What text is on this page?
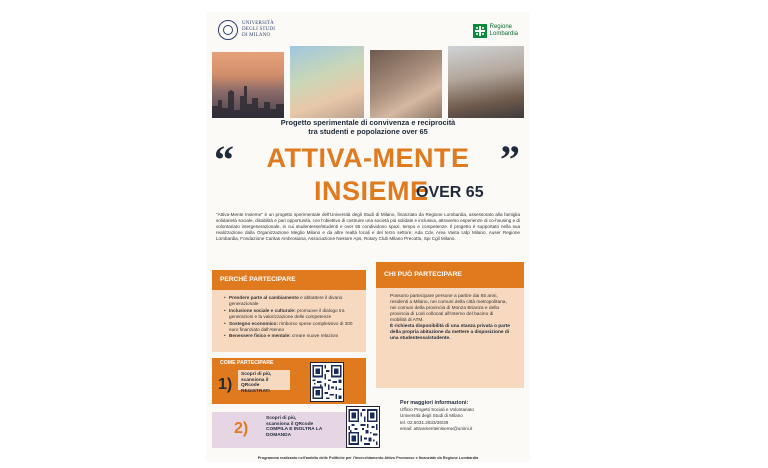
UNIVERSITÀ
DEGLI STUDI
DI MILANO
Regione
Lombardia
Progetto sperimentale di convivenza e reciprocità
tra studenti e popolazione over 65
“	”
ATTIVA-MENTE
INSIEME
OVER 65
"Attiva-Mente Insieme" è un progetto sperimentale dell'Università degli Studi di Milano, finanziato da Regione Lombardia, assessorato alla famiglia solidarietà sociale, disabilità e pari opportunità, con l'obiettivo di costruire una società più solidale e inclusiva, attraverso esperienze di co-housing e di volontariato intergenerazionale, in cui studentesse/studenti e over 65 condividono spazi, tempo e competenze. Il progetto è supportato nella sua realizzazione dalla Organizzazione Meglio Milano e da altre realtà locali e del terzo settore: Ada Cdv, Area Vasta Udp Milano, Auser Regione Lombardia, Fondazione Caritas Ambrosiana, Associazione Nestore Aps, Rotary Club Milano Precotto, Spi Cgil Milano.
PERCHÉ PARTECIPARE
• Prendere parte al cambiamento e abbattere il divario generazionale
• Inclusione sociale e culturale: promuove il dialogo tra generazioni e la valorizzazione delle competenze
• Sostegno economico: rimborso spese complessivo di 300 euro finanziato dall'Ateneo
• Benessere fisico e mentale: creare nuove relazioni
CHI PUÒ PARTECIPARE

Possono partecipare persone a partire dai 65 anni, residenti a Milano, nei comuni della città metropolitana, nei comuni della provincia di Monza Brianza e della provincia di Lodi collocati all'interno del bacino di mobilità di ATM.

È richiesta disponibilità di una stanza privata o parte della propria abitazione da mettere a disposizione di una studentessa/studente.

COME PARTECIPARE
1)
Scopri di più,
scansiona il QRcode
REGISTRATI
2)
Scopri di più,
scansiona il QRcode
COMPILA E INOLTRA LA DOMANDA
Per maggiori informazioni:
Ufficio Progetti Sociali e Volontariato
Università degli Studi di Milano
tel. 02.5031.2833/36/39
email: attivamenteinsieme@unimi.it
Programma realizzato nell'ambito delle Politiche per l'Invecchiamento Attivo Promosse e finanziate da Regione Lombardia
